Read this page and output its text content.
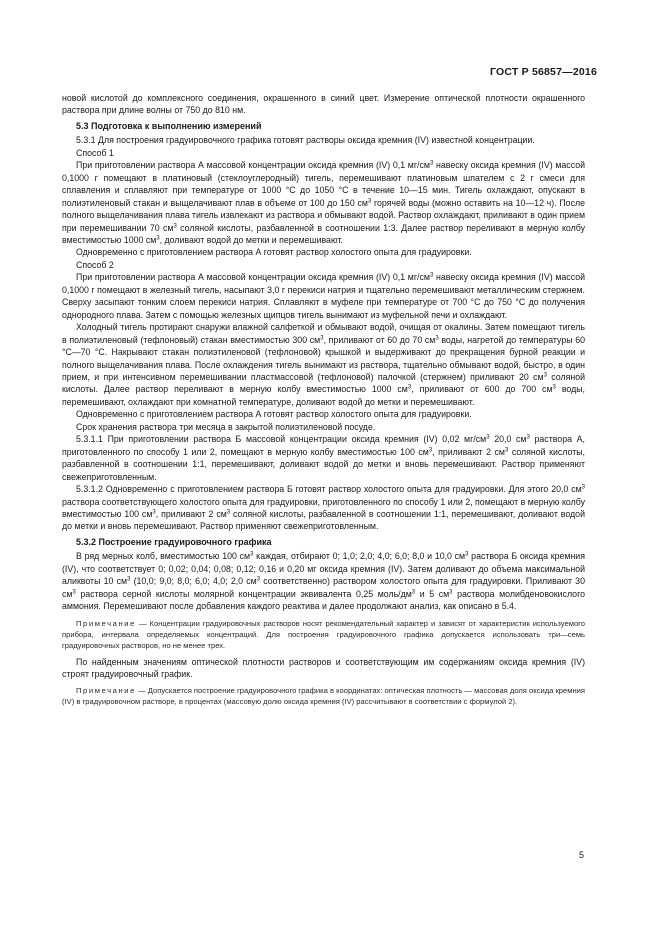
ГОСТ Р 56857—2016

новой кислотой до комплексного соединения, окрашенного в синий цвет. Измерение оптической плотности окрашенного раствора при длине волны от 750 до 810 нм.

5.3 Подготовка к выполнению измерений

5.3.1 Для построения градуировочного графика готовят растворы оксида кремния (IV) известной концентрации.

Способ 1

При приготовлении раствора А массовой концентрации оксида кремния (IV) 0,1 $мг/см^3$ навеску оксида кремния (IV) массой 0,1000 г помещают в платиновый (стеклоуглеродный) тигель, перемешивают платиновым шпателем с 2 г смеси для сплавления и сплавляют при температуре от 1000 °С до 1050 °С в течение 10—15 мин. Тигель охлаждают, опускают в полиэтиленовый стакан и выщелачивают плав в объеме от 100 до 150 $см^3$ горячей воды (можно оставить на 10—12 ч). После полного выщелачивания плава тигель извлекают из раствора и обмывают водой. Раствор охлаждают, приливают в один прием при перемешивании 70 $см^3$ соляной кислоты, разбавленной в соотношении 1:3. Далее раствор переливают в мерную колбу вместимостью 1000 $см^3$, доливают водой до метки и перемешивают.

Одновременно с приготовлением раствора А готовят раствор холостого опыта для градуировки.

Способ 2

При приготовлении раствора А массовой концентрации оксида кремния (IV) 0,1 $мг/см^3$ навеску оксида кремния (IV) массой 0,1000 г помещают в железный тигель, насыпают 3,0 г перекиси натрия и тщательно перемешивают металлическим стержнем. Сверху засыпают тонким слоем перекиси натрия. Сплавляют в муфеле при температуре от 700 °С до 750 °С до получения однородного плава. Затем с помощью железных щипцов тигель вынимают из муфельной печи и охлаждают.

Холодный тигель протирают снаружи влажной салфеткой и обмывают водой, очищая от окалины. Затем помещают тигель в полиэтиленовый (тефлоновый) стакан вместимостью 300 $см^3$, приливают от 60 до 70 $см^3$ воды, нагретой до температуры 60 °С—70 °С. Накрывают стакан полиэтиленовой (тефлоновой) крышкой и выдерживают до прекращения бурной реакции и полного выщелачивания плава. После охлаждения тигель вынимают из раствора, тщательно обмывают водой, быстро, в один прием, и при интенсивном перемешивании пластмассовой (тефлоновой) палочкой (стержнем) приливают 20 $см^3$ соляной кислоты. Далее раствор переливают в мерную колбу вместимостью 1000 $см^3$, приливают от 600 до 700 $см^3$ воды, перемешивают, охлаждают при комнатной температуре, доливают водой до метки и перемешивают.

Одновременно с приготовлением раствора А готовят раствор холостого опыта для градуировки.

Срок хранения раствора три месяца в закрытой полиэтиленовой посуде.

5.3.1.1 При приготовлении раствора Б массовой концентрации оксида кремния (IV) 0,02 $мг/см^3$ 20,0 $см^3$ раствора А, приготовленного по способу 1 или 2, помещают в мерную колбу вместимостью 100 $см^3$, приливают 2 $см^3$ соляной кислоты, разбавленной в соотношении 1:1, перемешивают, доливают водой до метки и вновь перемешивают. Раствор применяют свежеприготовленным.

5.3.1.2 Одновременно с приготовлением раствора Б готовят раствор холостого опыта для градуировки. Для этого 20,0 $см^3$ раствора соответствующего холостого опыта для градуировки, приготовленного по способу 1 или 2, помещают в мерную колбу вместимостью 100 $см^3$, приливают 2 $см^3$ соляной кислоты, разбавленной в соотношении 1:1, перемешивают, доливают водой до метки и вновь перемешивают. Раствор применяют свежеприготовленным.

5.3.2 Построение градуировочного графика

В ряд мерных колб, вместимостью 100 $см^3$ каждая, отбирают 0; 1,0; 2,0; 4,0; 6,0; 8,0 и 10,0 $см^3$ раствора Б оксида кремния (IV), что соответствует 0; 0,02; 0,04; 0,08; 0,12; 0,16 и 0,20 мг оксида кремния (IV). Затем доливают до объема максимальной аликвоты 10 $см^3$ (10,0; 9,0; 8,0; 6,0; 4,0; 2,0 $см^3$ соответственно) раствором холостого опыта для градуировки. Приливают 30 $см^3$ раствора серной кислоты молярной концентрации эквивалента 0,25 моль/$дм^3$ и 5 $см^3$ раствора молибденовокислого аммония. Перемешивают после добавления каждого реактива и далее продолжают анализ, как описано в 5.4.

Примечание — Концентрации градуировочных растворов носят рекомендательный характер и зависят от характеристик используемого прибора, интервала определяемых концентраций. Для построения градуировочного графика допускается использовать три—семь градуировочных растворов, но не менее трех.

По найденным значениям оптической плотности растворов и соответствующим им содержаниям оксида кремния (IV) строят градуировочный график.

Примечание — Допускается построение градуировочного графика в координатах: оптическая плотность — массовая доля оксида кремния (IV) в градуировочном растворе, в процентах (массовую долю оксида кремния (IV) рассчитывают в соответствии с формулой 2).

5
